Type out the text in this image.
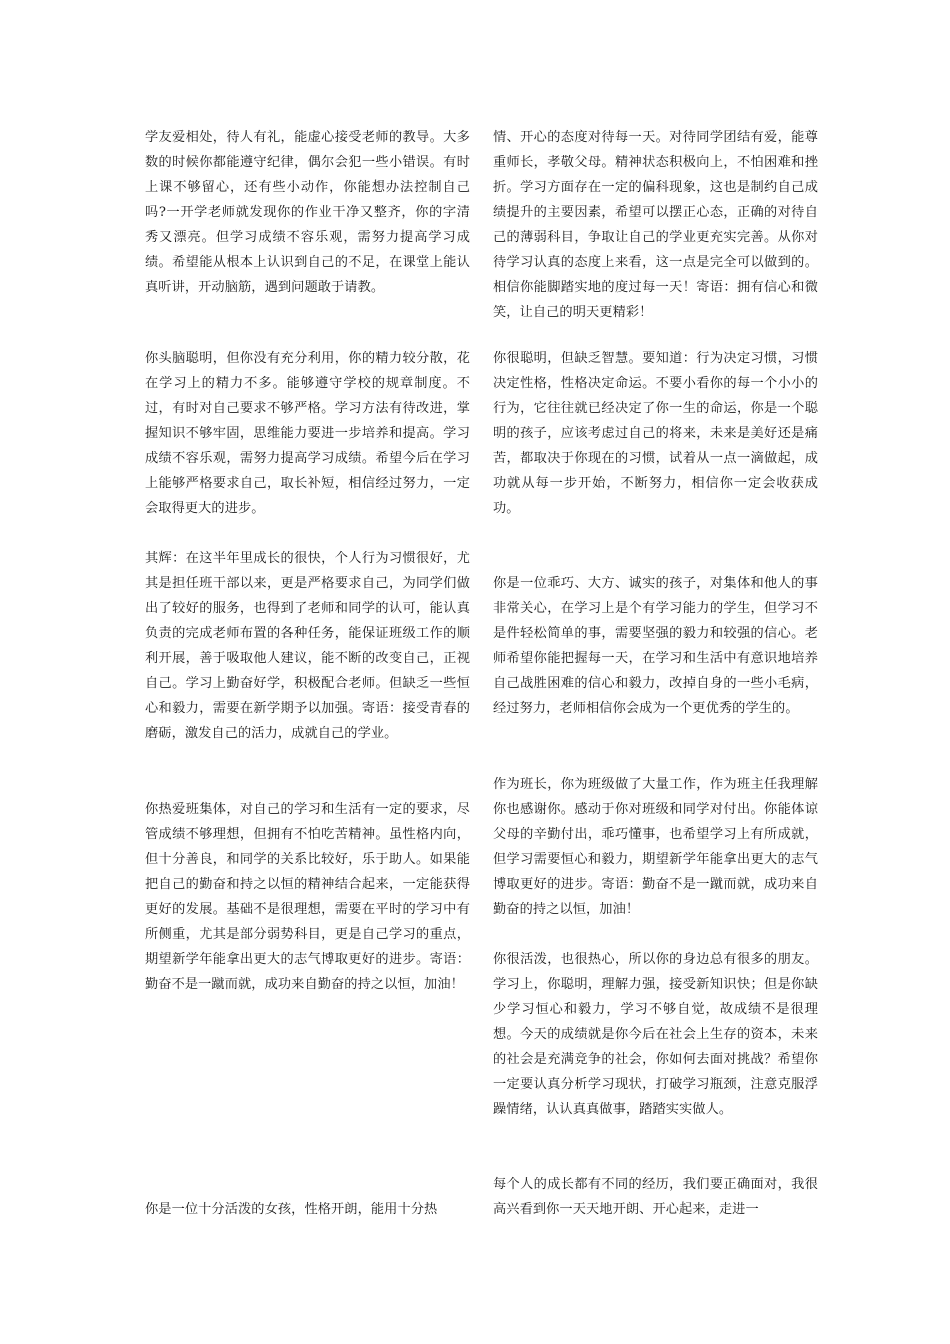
学友爱相处，待人有礼，能虚心接受老师的教导。大多数的时候你都能遵守纪律，偶尔会犯一些小错误。有时上课不够留心，还有些小动作，你能想办法控制自己吗?一开学老师就发现你的作业干净又整齐，你的字清秀又漂亮。但学习成绩不容乐观，需努力提高学习成绩。希望能从根本上认识到自己的不足，在课堂上能认真听讲，开动脑筋，遇到问题敢于请教。

你头脑聪明，但你没有充分利用，你的精力较分散，花在学习上的精力不多。能够遵守学校的规章制度。不过，有时对自己要求不够严格。学习方法有待改进，掌握知识不够牢固，思维能力要进一步培养和提高。学习成绩不容乐观，需努力提高学习成绩。希望今后在学习上能够严格要求自己，取长补短，相信经过努力，一定会取得更大的进步。

其辉：在这半年里成长的很快，个人行为习惯很好，尤其是担任班干部以来，更是严格要求自己，为同学们做出了较好的服务，也得到了老师和同学的认可，能认真负责的完成老师布置的各种任务，能保证班级工作的顺利开展，善于吸取他人建议，能不断的改变自己，正视自己。学习上勤奋好学，积极配合老师。但缺乏一些恒心和毅力，需要在新学期予以加强。寄语：接受青春的磨砺，激发自己的活力，成就自己的学业。

你热爱班集体，对自己的学习和生活有一定的要求，尽管成绩不够理想，但拥有不怕吃苦精神。虽性格内向，但十分善良，和同学的关系比较好，乐于助人。如果能把自己的勤奋和持之以恒的精神结合起来，一定能获得更好的发展。基础不是很理想，需要在平时的学习中有所侧重，尤其是部分弱势科目，更是自己学习的重点，期望新学年能拿出更大的志气博取更好的进步。寄语：勤奋不是一蹴而就，成功来自勤奋的持之以恒，加油！

你是一位十分活泼的女孩，性格开朗，能用十分热

情、开心的态度对待每一天。对待同学团结有爱，能尊重师长，孝敬父母。精神状态积极向上，不怕困难和挫折。学习方面存在一定的偏科现象，这也是制约自己成绩提升的主要因素，希望可以摆正心态，正确的对待自己的薄弱科目，争取让自己的学业更充实完善。从你对待学习认真的态度上来看，这一点是完全可以做到的。相信你能脚踏实地的度过每一天！寄语：拥有信心和微笑，让自己的明天更精彩！

你很聪明，但缺乏智慧。要知道：行为决定习惯，习惯决定性格，性格决定命运。不要小看你的每一个小小的行为，它往往就已经决定了你一生的命运，你是一个聪明的孩子，应该考虑过自己的将来，未来是美好还是痛苦，都取决于你现在的习惯，试着从一点一滴做起，成功就从每一步开始，不断努力，相信你一定会收获成功。

你是一位乖巧、大方、诚实的孩子，对集体和他人的事非常关心，在学习上是个有学习能力的学生，但学习不是件轻松简单的事，需要坚强的毅力和较强的信心。老师希望你能把握每一天，在学习和生活中有意识地培养自己战胜困难的信心和毅力，改掉自身的一些小毛病，经过努力，老师相信你会成为一个更优秀的学生的。

作为班长，你为班级做了大量工作，作为班主任我理解你也感谢你。感动于你对班级和同学对付出。你能体谅父母的辛勤付出，乖巧懂事，也希望学习上有所成就，但学习需要恒心和毅力，期望新学年能拿出更大的志气博取更好的进步。寄语：勤奋不是一蹴而就，成功来自勤奋的持之以恒，加油！

你很活泼，也很热心，所以你的身边总有很多的朋友。学习上，你聪明，理解力强，接受新知识快；但是你缺少学习恒心和毅力，学习不够自觉，故成绩不是很理想。今天的成绩就是你今后在社会上生存的资本，未来的社会是充满竞争的社会，你如何去面对挑战？希望你一定要认真分析学习现状，打破学习瓶颈，注意克服浮躁情绪，认认真真做事，踏踏实实做人。

每个人的成长都有不同的经历，我们要正确面对，我很高兴看到你一天天地开朗、开心起来，走进一
